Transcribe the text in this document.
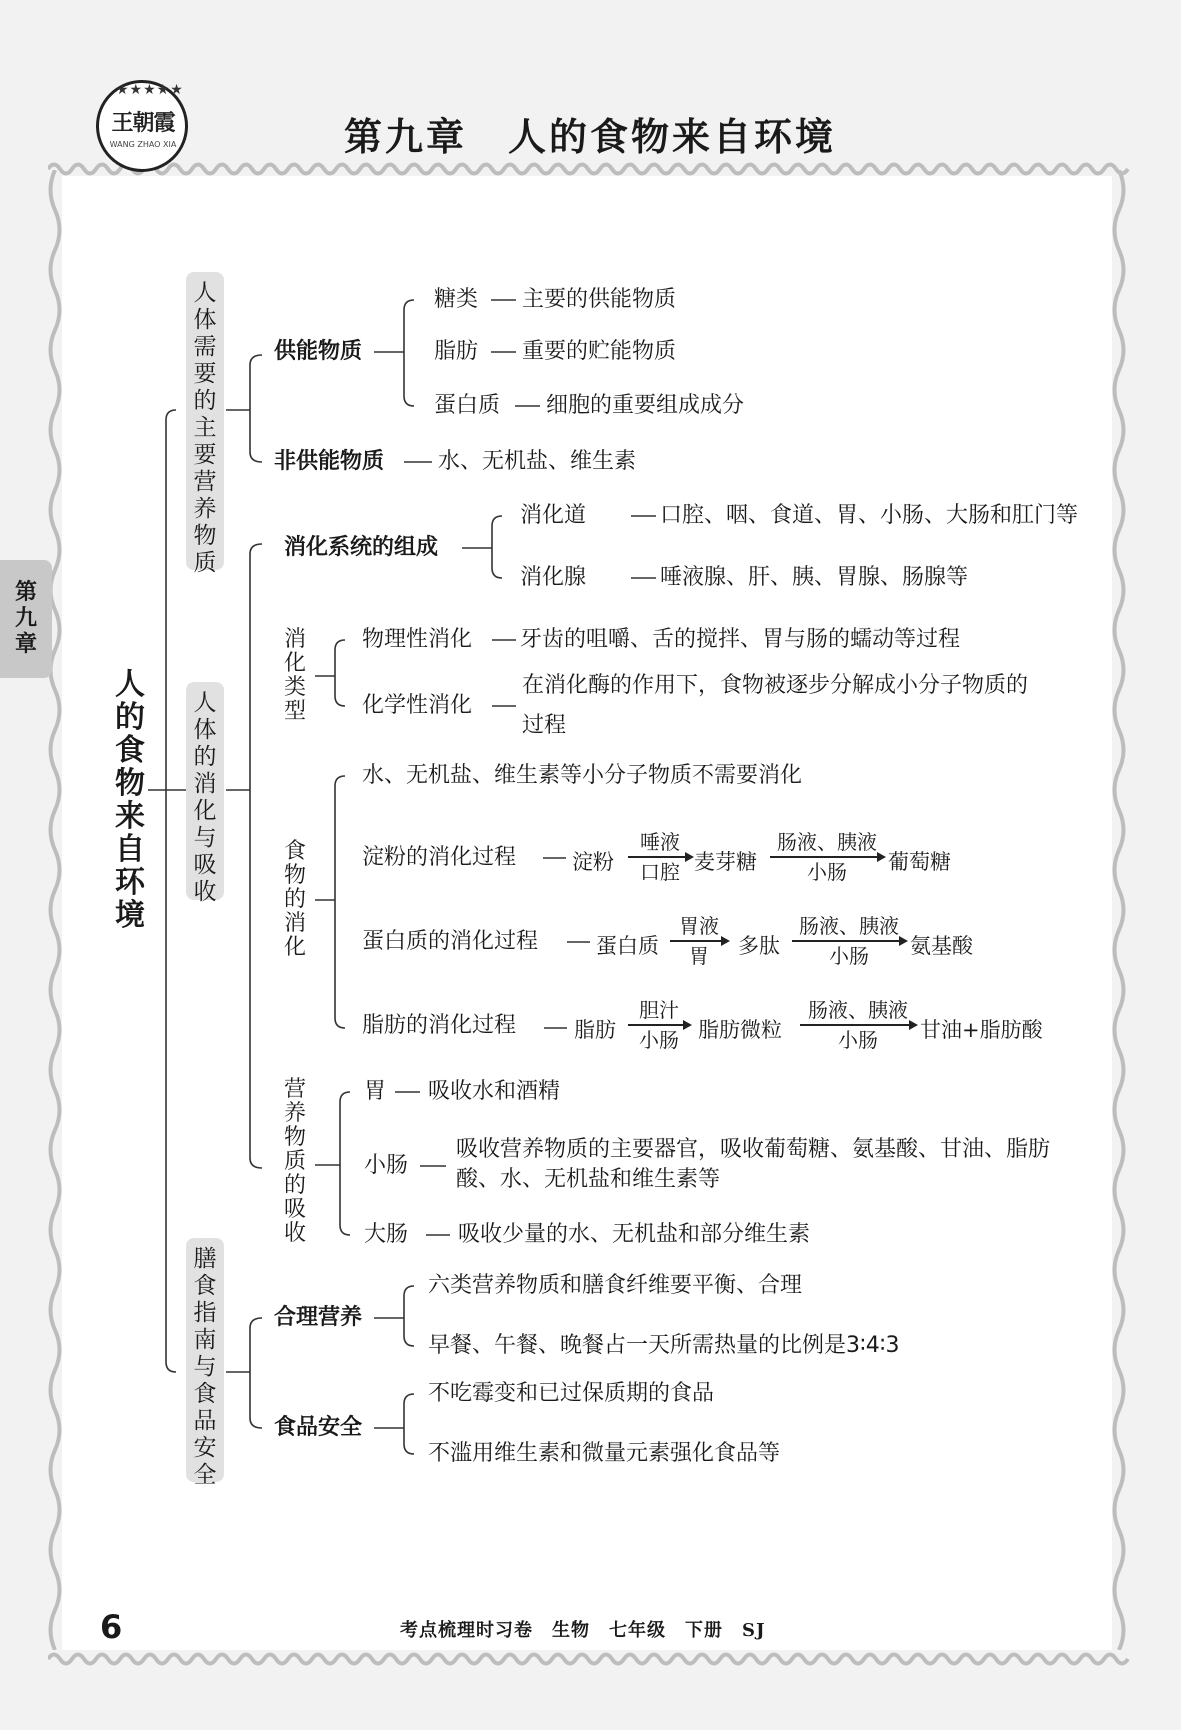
★★★★★
王朝霞
WANG ZHAO XIA	第九章　人的食物来自环境
第九章
人的食物来自环境
人体需要的主要营养物质
人体的消化与吸收
膳食指南与食品安全
供能物质
糖类 主要的供能物质
脂肪 重要的贮能物质
蛋白质 细胞的重要组成成分
非供能物质 水、无机盐、维生素
消化系统的组成
消化道	口腔、咽、食道、胃、小肠、大肠和肛门等
消化腺	唾液腺、肝、胰、胃腺、肠腺等
消化类型
物理性消化 牙齿的咀嚼、舌的搅拌、胃与肠的蠕动等过程
化学性消化
在消化酶的作用下，食物被逐步分解成小分子物质的
过程
食物的消化
水、无机盐、维生素等小分子物质不需要消化
淀粉的消化过程	淀粉
唾液
口腔 麦芽糖
肠液、胰液
小肠	葡萄糖
蛋白质的消化过程	蛋白质
胃液
胃	多肽
肠液、胰液
小肠	氨基酸
脂肪的消化过程	脂肪
胆汁
小肠 脂肪微粒
肠液、胰液
小肠	甘油+脂肪酸
营养物质的吸收
胃 吸收水和酒精
小肠
吸收营养物质的主要器官，吸收葡萄糖、氨基酸、甘油、脂肪
酸、水、无机盐和维生素等
大肠 吸收少量的水、无机盐和部分维生素
合理营养
六类营养物质和膳食纤维要平衡、合理
早餐、午餐、晚餐占一天所需热量的比例是3∶4∶3
食品安全
不吃霉变和已过保质期的食品
不滥用维生素和微量元素强化食品等
6	考点梳理时习卷　生物　七年级　下册　SJ
